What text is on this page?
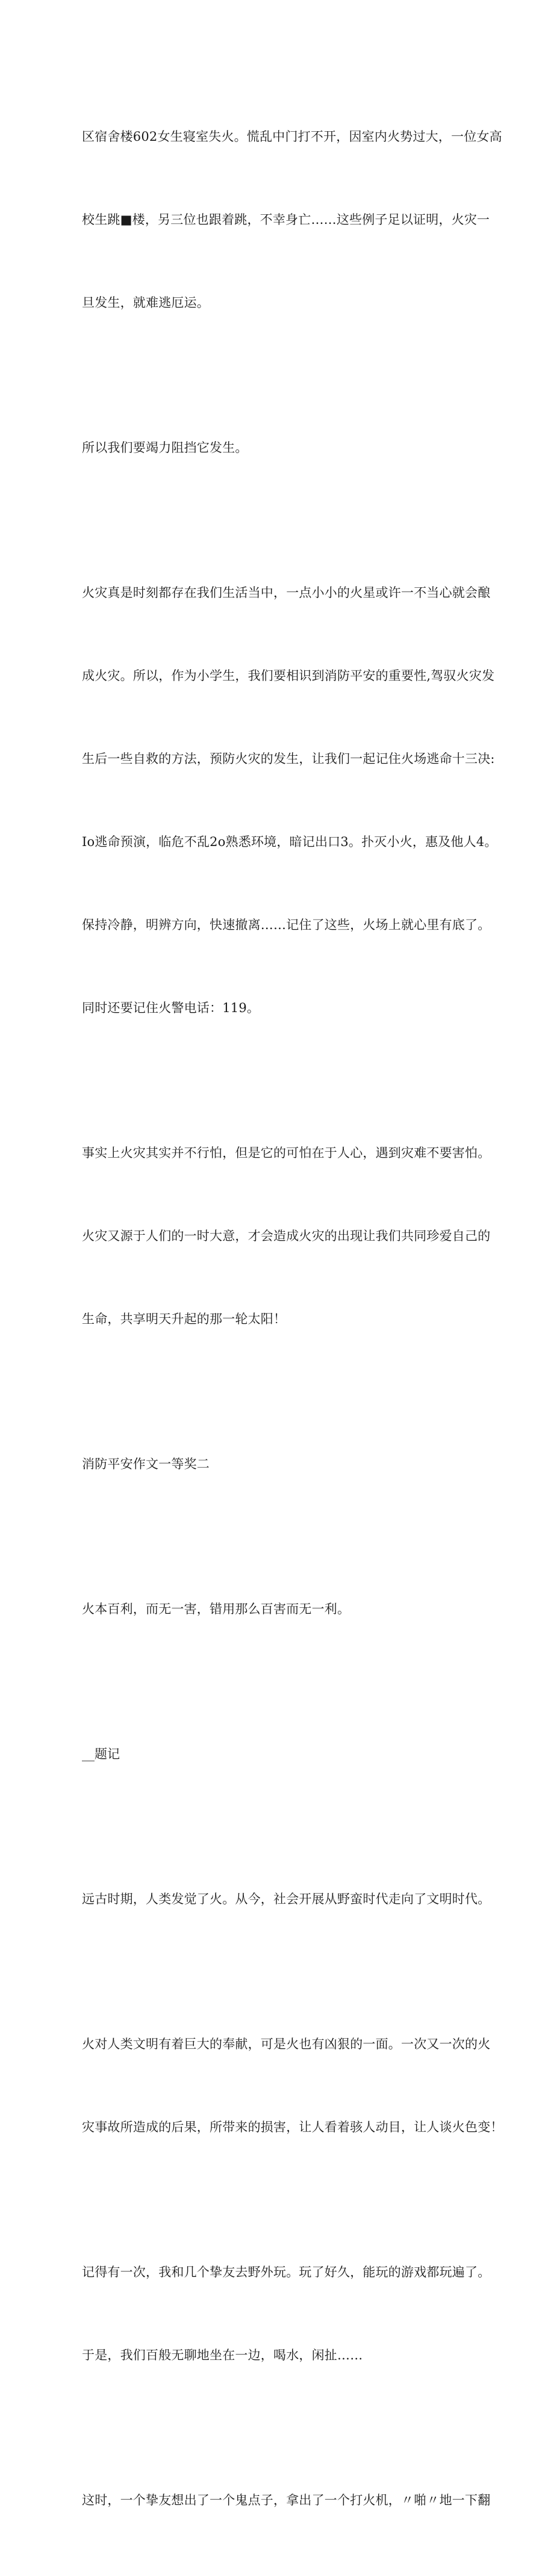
区宿舍楼602女生寝室失火。慌乱中门打不开，因室内火势过大，一位女高

校生跳■楼，另三位也跟着跳，不幸身亡……这些例子足以证明，火灾一

旦发生，就难逃厄运。

所以我们要竭力阻挡它发生。

火灾真是时刻都存在我们生活当中，一点小小的火星或许一不当心就会酿

成火灾。所以，作为小学生，我们要相识到消防平安的重要性,驾驭火灾发

生后一些自救的方法，预防火灾的发生，让我们一起记住火场逃命十三决:

Io逃命预演，临危不乱2o熟悉环境，暗记出口3。扑灭小火，惠及他人4。

保持冷静，明辨方向，快速撤离……记住了这些，火场上就心里有底了。

同时还要记住火警电话：119。

事实上火灾其实并不行怕，但是它的可怕在于人心，遇到灾难不要害怕。

火灾又源于人们的一时大意，才会造成火灾的出现让我们共同珍爱自己的

生命，共享明天升起的那一轮太阳！

消防平安作文一等奖二

火本百利，而无一害，错用那么百害而无一利。

__题记

远古时期，人类发觉了火。从今，社会开展从野蛮时代走向了文明时代。

火对人类文明有着巨大的奉献，可是火也有凶狠的一面。一次又一次的火

灾事故所造成的后果，所带来的损害，让人看着骇人动目，让人谈火色变！

记得有一次，我和几个挚友去野外玩。玩了好久，能玩的游戏都玩遍了。

于是，我们百般无聊地坐在一边，喝水，闲扯……

这时，一个挚友想出了一个鬼点子，拿出了一个打火机，〃啪〃地一下翻
